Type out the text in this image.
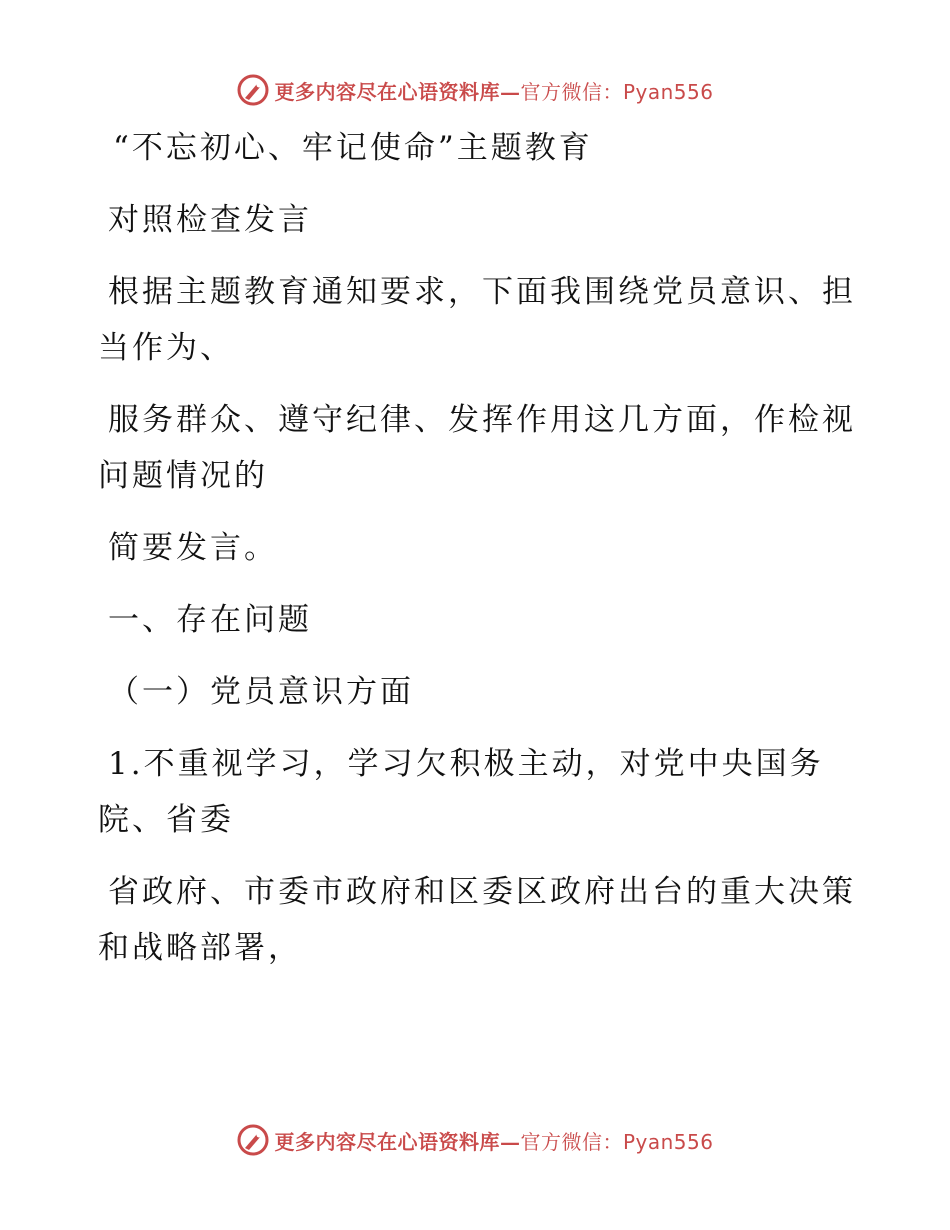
更多内容尽在心语资料库— 官方微信：Pyan556

“不忘初心、牢记使命”主题教育

对照检查发言

根据主题教育通知要求，下面我围绕党员意识、担当作为、

服务群众、遵守纪律、发挥作用这几方面，作检视问题情况的

简要发言。

一、存在问题

（一）党员意识方面

1.不重视学习，学习欠积极主动，对党中央国务院、省委

省政府、市委市政府和区委区政府出台的重大决策和战略部署，

更多内容尽在心语资料库— 官方微信：Pyan556
